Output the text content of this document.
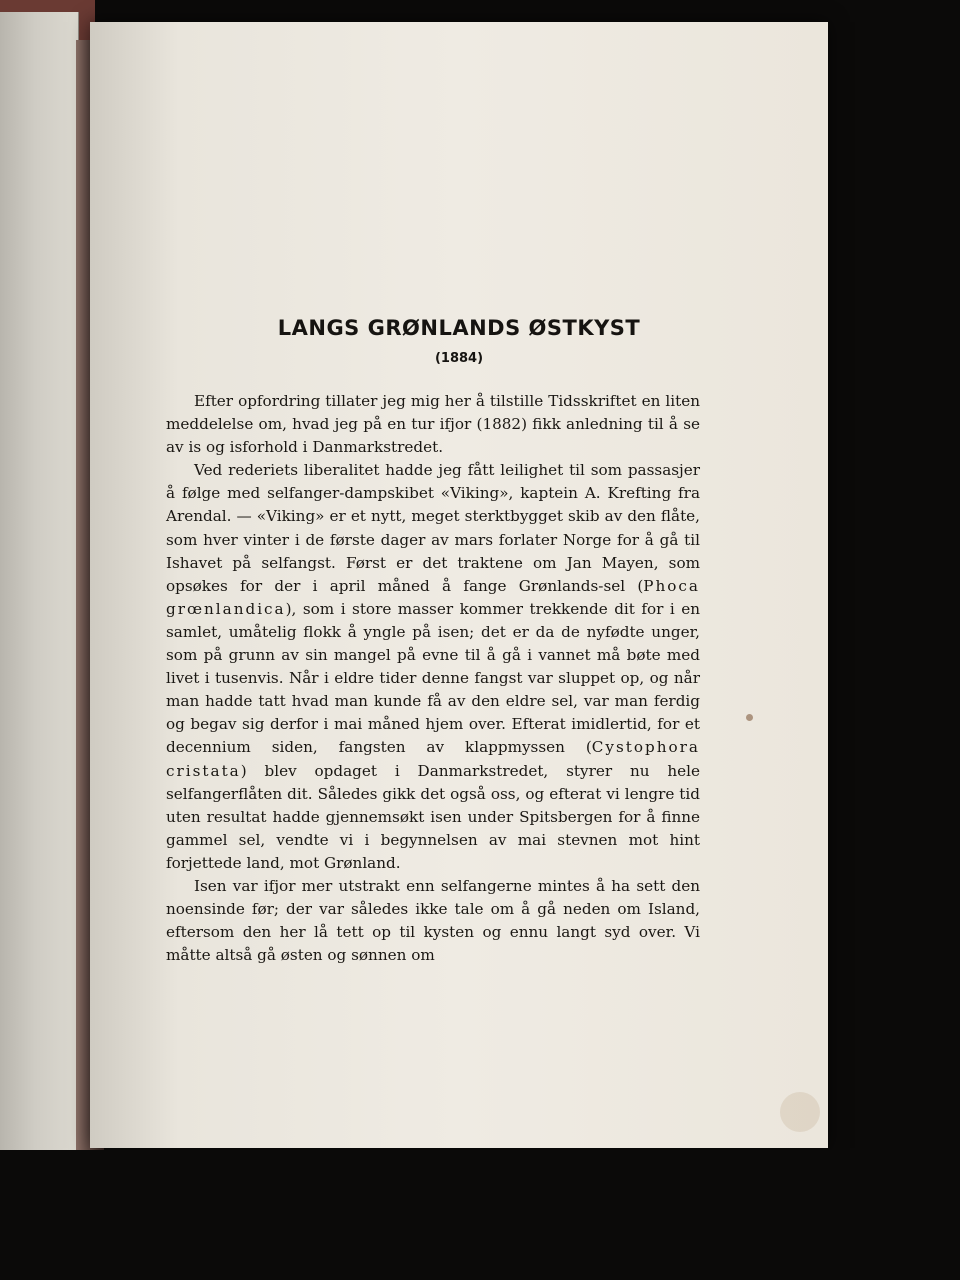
LANGS GRØNLANDS ØSTKYST
(1884)

Efter opfordring tillater jeg mig her å tilstille Tidsskriftet en liten meddelelse om, hvad jeg på en tur ifjor (1882) fikk anledning til å se av is og isforhold i Danmarkstredet.

Ved rederiets liberalitet hadde jeg fått leilighet til som passasjer å følge med selfanger-dampskibet «Viking», kaptein A. Krefting fra Arendal. — «Viking» er et nytt, meget sterktbygget skib av den flåte, som hver vinter i de første dager av mars forlater Norge for å gå til Ishavet på selfangst. Først er det traktene om Jan Mayen, som opsøkes for der i april måned å fange Grønlands-sel (Phoca grœnlandica), som i store masser kommer trekkende dit for i en samlet, umåtelig flokk å yngle på isen; det er da de nyfødte unger, som på grunn av sin mangel på evne til å gå i vannet må bøte med livet i tusenvis. Når i eldre tider denne fangst var sluppet op, og når man hadde tatt hvad man kunde få av den eldre sel, var man ferdig og begav sig derfor i mai måned hjem over. Efterat imidlertid, for et decennium siden, fangsten av klappmyssen (Cystophora cristata) blev opdaget i Danmarkstredet, styrer nu hele selfangerflåten dit. Således gikk det også oss, og efterat vi lengre tid uten resultat hadde gjennemsøkt isen under Spitsbergen for å finne gammel sel, vendte vi i begynnelsen av mai stevnen mot hint forjettede land, mot Grønland.

Isen var ifjor mer utstrakt enn selfangerne mintes å ha sett den noensinde før; der var således ikke tale om å gå neden om Island, eftersom den her lå tett op til kysten og ennu langt syd over. Vi måtte altså gå østen og sønnen om
